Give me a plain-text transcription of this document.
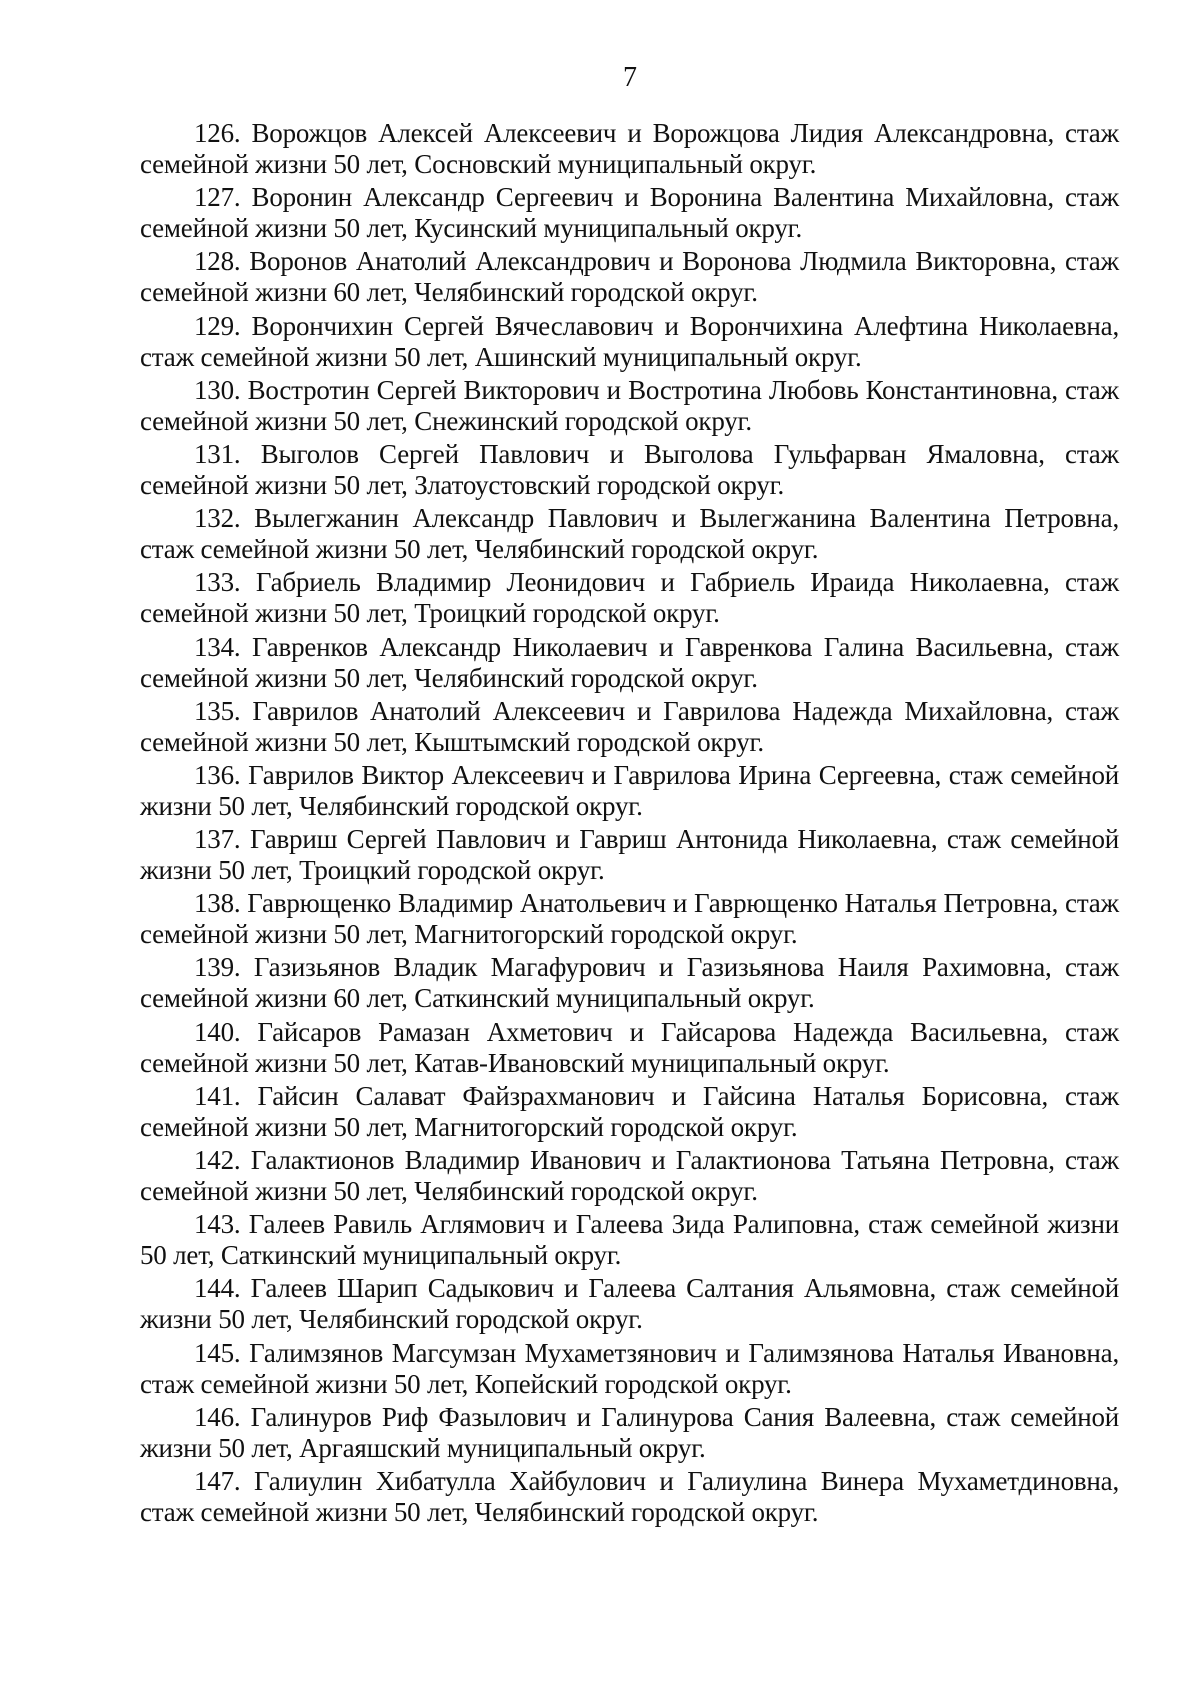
7

126. Ворожцов Алексей Алексеевич и Ворожцова Лидия Александровна, стаж семейной жизни 50 лет, Сосновский муниципальный округ.

127. Воронин Александр Сергеевич и Воронина Валентина Михайловна, стаж семейной жизни 50 лет, Кусинский муниципальный округ.

128. Воронов Анатолий Александрович и Воронова Людмила Викторовна, стаж семейной жизни 60 лет, Челябинский городской округ.

129. Ворончихин Сергей Вячеславович и Ворончихина Алефтина Николаевна, стаж семейной жизни 50 лет, Ашинский муниципальный округ.

130. Востротин Сергей Викторович и Востротина Любовь Константиновна, стаж семейной жизни 50 лет, Снежинский городской округ.

131. Выголов Сергей Павлович и Выголова Гульфарван Ямаловна, стаж семейной жизни 50 лет, Златоустовский городской округ.

132. Вылегжанин Александр Павлович и Вылегжанина Валентина Петровна, стаж семейной жизни 50 лет, Челябинский городской округ.

133. Габриель Владимир Леонидович и Габриель Ираида Николаевна, стаж семейной жизни 50 лет, Троицкий городской округ.

134. Гавренков Александр Николаевич и Гавренкова Галина Васильевна, стаж семейной жизни 50 лет, Челябинский городской округ.

135. Гаврилов Анатолий Алексеевич и Гаврилова Надежда Михайловна, стаж семейной жизни 50 лет, Кыштымский городской округ.

136. Гаврилов Виктор Алексеевич и Гаврилова Ирина Сергеевна, стаж семейной жизни 50 лет, Челябинский городской округ.

137. Гавриш Сергей Павлович и Гавриш Антонида Николаевна, стаж семейной жизни 50 лет, Троицкий городской округ.

138. Гаврющенко Владимир Анатольевич и Гаврющенко Наталья Петровна, стаж семейной жизни 50 лет, Магнитогорский городской округ.

139. Газизьянов Владик Магафурович и Газизьянова Наиля Рахимовна, стаж семейной жизни 60 лет, Саткинский муниципальный округ.

140. Гайсаров Рамазан Ахметович и Гайсарова Надежда Васильевна, стаж семейной жизни 50 лет, Катав-Ивановский муниципальный округ.

141. Гайсин Салават Файзрахманович и Гайсина Наталья Борисовна, стаж семейной жизни 50 лет, Магнитогорский городской округ.

142. Галактионов Владимир Иванович и Галактионова Татьяна Петровна, стаж семейной жизни 50 лет, Челябинский городской округ.

143. Галеев Равиль Аглямович и Галеева Зида Ралиповна, стаж семейной жизни 50 лет, Саткинский муниципальный округ.

144. Галеев Шарип Садыкович и Галеева Салтания Альямовна, стаж семейной жизни 50 лет, Челябинский городской округ.

145. Галимзянов Магсумзан Мухаметзянович и Галимзянова Наталья Ивановна, стаж семейной жизни 50 лет, Копейский городской округ.

146. Галинуров Риф Фазылович и Галинурова Сания Валеевна, стаж семейной жизни 50 лет, Аргаяшский муниципальный округ.

147. Галиулин Хибатулла Хайбулович и Галиулина Винера Мухаметдиновна, стаж семейной жизни 50 лет, Челябинский городской округ.
